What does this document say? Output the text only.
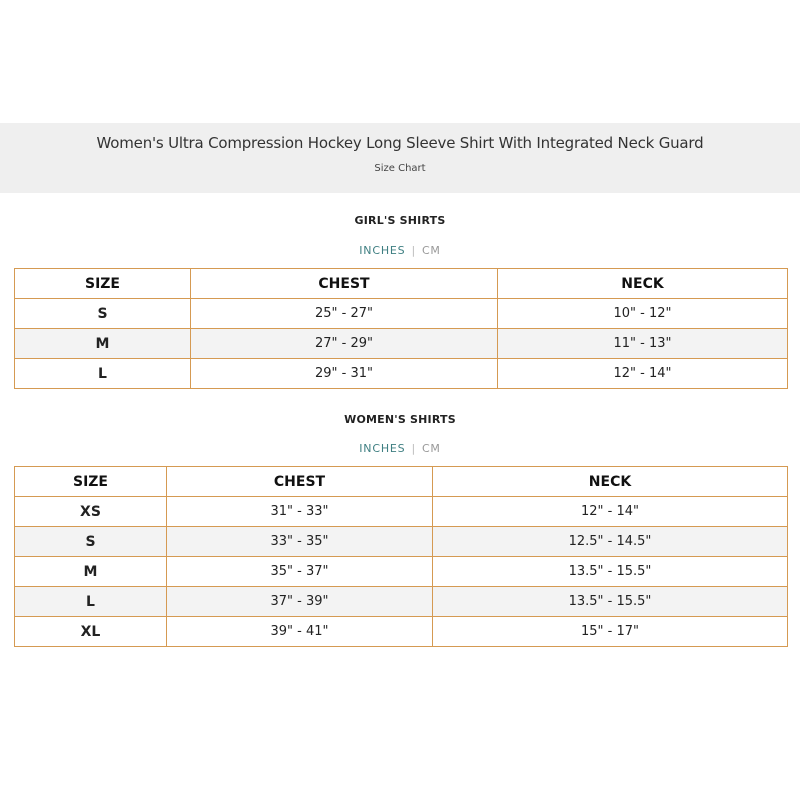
Women's Ultra Compression Hockey Long Sleeve Shirt With Integrated Neck Guard
Size Chart
GIRL'S SHIRTS
INCHES | CM
SIZE	CHEST	NECK
S	25" - 27"	10" - 12"
M	27" - 29"	11" - 13"
L	29" - 31"	12" - 14"
WOMEN'S SHIRTS
INCHES | CM
SIZE	CHEST	NECK
XS	31" - 33"	12" - 14"
S	33" - 35"	12.5" - 14.5"
M	35" - 37"	13.5" - 15.5"
L	37" - 39"	13.5" - 15.5"
XL	39" - 41"	15" - 17"
